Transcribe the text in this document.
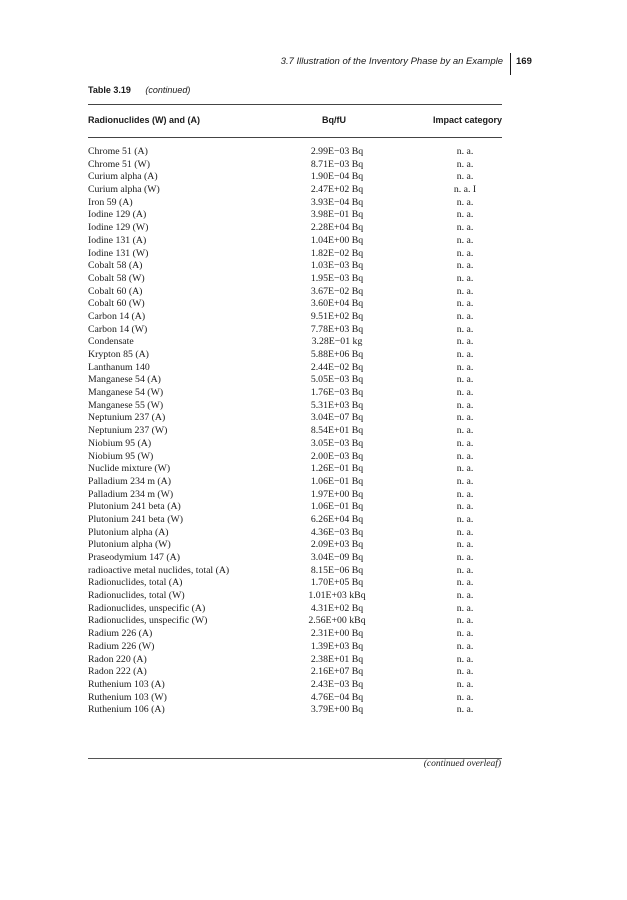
3.7 Illustration of the Inventory Phase by an Example 169
Table 3.19 (continued)
Radionuclides (W) and (A)	Bq/fU	Impact category
Chrome 51 (A)	2.99E−03 Bq	n. a.
Chrome 51 (W)	8.71E−03 Bq	n. a.
Curium alpha (A)	1.90E−04 Bq	n. a.
Curium alpha (W)	2.47E+02 Bq	n. a. I
Iron 59 (A)	3.93E−04 Bq	n. a.
Iodine 129 (A)	3.98E−01 Bq	n. a.
Iodine 129 (W)	2.28E+04 Bq	n. a.
Iodine 131 (A)	1.04E+00 Bq	n. a.
Iodine 131 (W)	1.82E−02 Bq	n. a.
Cobalt 58 (A)	1.03E−03 Bq	n. a.
Cobalt 58 (W)	1.95E−03 Bq	n. a.
Cobalt 60 (A)	3.67E−02 Bq	n. a.
Cobalt 60 (W)	3.60E+04 Bq	n. a.
Carbon 14 (A)	9.51E+02 Bq	n. a.
Carbon 14 (W)	7.78E+03 Bq	n. a.
Condensate	3.28E−01 kg	n. a.
Krypton 85 (A)	5.88E+06 Bq	n. a.
Lanthanum 140	2.44E−02 Bq	n. a.
Manganese 54 (A)	5.05E−03 Bq	n. a.
Manganese 54 (W)	1.76E−03 Bq	n. a.
Manganese 55 (W)	5.31E+03 Bq	n. a.
Neptunium 237 (A)	3.04E−07 Bq	n. a.
Neptunium 237 (W)	8.54E+01 Bq	n. a.
Niobium 95 (A)	3.05E−03 Bq	n. a.
Niobium 95 (W)	2.00E−03 Bq	n. a.
Nuclide mixture (W)	1.26E−01 Bq	n. a.
Palladium 234 m (A)	1.06E−01 Bq	n. a.
Palladium 234 m (W)	1.97E+00 Bq	n. a.
Plutonium 241 beta (A)	1.06E−01 Bq	n. a.
Plutonium 241 beta (W)	6.26E+04 Bq	n. a.
Plutonium alpha (A)	4.36E−03 Bq	n. a.
Plutonium alpha (W)	2.09E+03 Bq	n. a.
Praseodymium 147 (A)	3.04E−09 Bq	n. a.
radioactive metal nuclides, total (A)	8.15E−06 Bq	n. a.
Radionuclides, total (A)	1.70E+05 Bq	n. a.
Radionuclides, total (W)	1.01E+03 kBq	n. a.
Radionuclides, unspecific (A)	4.31E+02 Bq	n. a.
Radionuclides, unspecific (W)	2.56E+00 kBq	n. a.
Radium 226 (A)	2.31E+00 Bq	n. a.
Radium 226 (W)	1.39E+03 Bq	n. a.
Radon 220 (A)	2.38E+01 Bq	n. a.
Radon 222 (A)	2.16E+07 Bq	n. a.
Ruthenium 103 (A)	2.43E−03 Bq	n. a.
Ruthenium 103 (W)	4.76E−04 Bq	n. a.
Ruthenium 106 (A)	3.79E+00 Bq	n. a.
(continued overleaf)
